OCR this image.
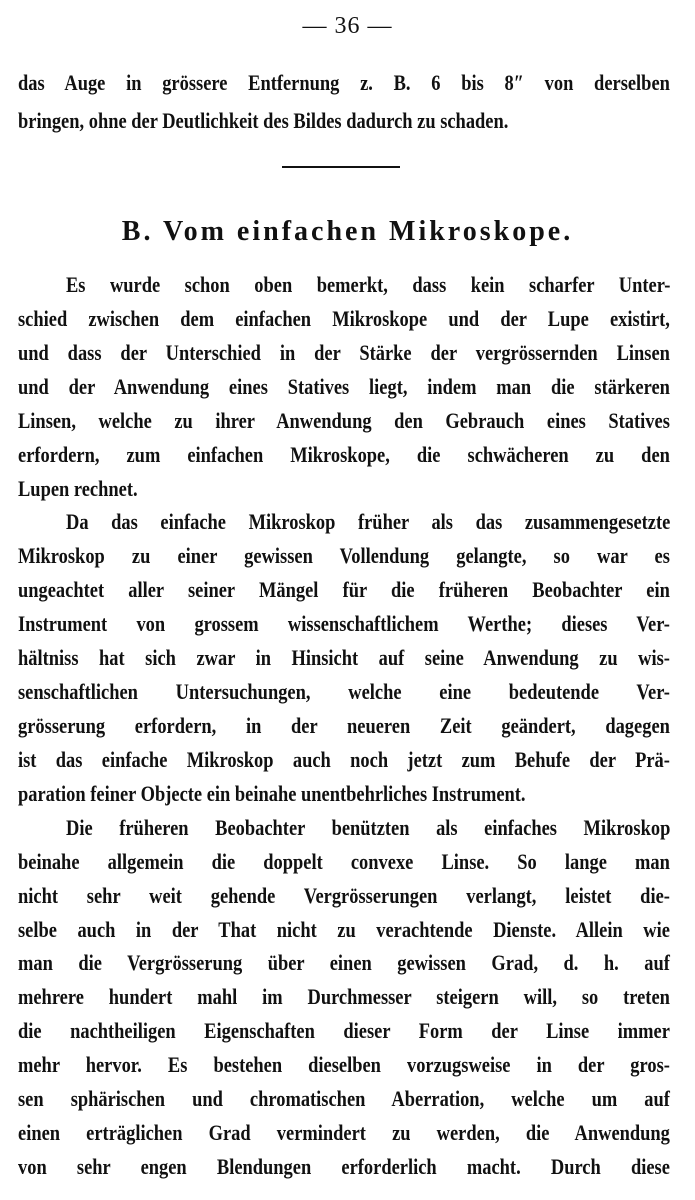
— 36 —
das Auge in grössere Entfernung z. B. 6 bis 8″ von derselben
bringen, ohne der Deutlichkeit des Bildes dadurch zu schaden.
B. Vom einfachen Mikroskope.
Es wurde schon oben bemerkt, dass kein scharfer Unter-
schied zwischen dem einfachen Mikroskope und der Lupe existirt,
und dass der Unterschied in der Stärke der vergrössernden Linsen
und der Anwendung eines Statives liegt, indem man die stärkeren
Linsen, welche zu ihrer Anwendung den Gebrauch eines Statives
erfordern, zum einfachen Mikroskope, die schwächeren zu den
Lupen rechnet.
Da das einfache Mikroskop früher als das zusammengesetzte
Mikroskop zu einer gewissen Vollendung gelangte, so war es
ungeachtet aller seiner Mängel für die früheren Beobachter ein
Instrument von grossem wissenschaftlichem Werthe; dieses Ver-
hältniss hat sich zwar in Hinsicht auf seine Anwendung zu wis-
senschaftlichen Untersuchungen, welche eine bedeutende Ver-
grösserung erfordern, in der neueren Zeit geändert, dagegen
ist das einfache Mikroskop auch noch jetzt zum Behufe der Prä-
paration feiner Objecte ein beinahe unentbehrliches Instrument.
Die früheren Beobachter benützten als einfaches Mikroskop
beinahe allgemein die doppelt convexe Linse. So lange man
nicht sehr weit gehende Vergrösserungen verlangt, leistet die-
selbe auch in der That nicht zu verachtende Dienste. Allein wie
man die Vergrösserung über einen gewissen Grad, d. h. auf
mehrere hundert mahl im Durchmesser steigern will, so treten
die nachtheiligen Eigenschaften dieser Form der Linse immer
mehr hervor. Es bestehen dieselben vorzugsweise in der gros-
sen sphärischen und chromatischen Aberration, welche um auf
einen erträglichen Grad vermindert zu werden, die Anwendung
von sehr engen Blendungen erforderlich macht. Durch diese
